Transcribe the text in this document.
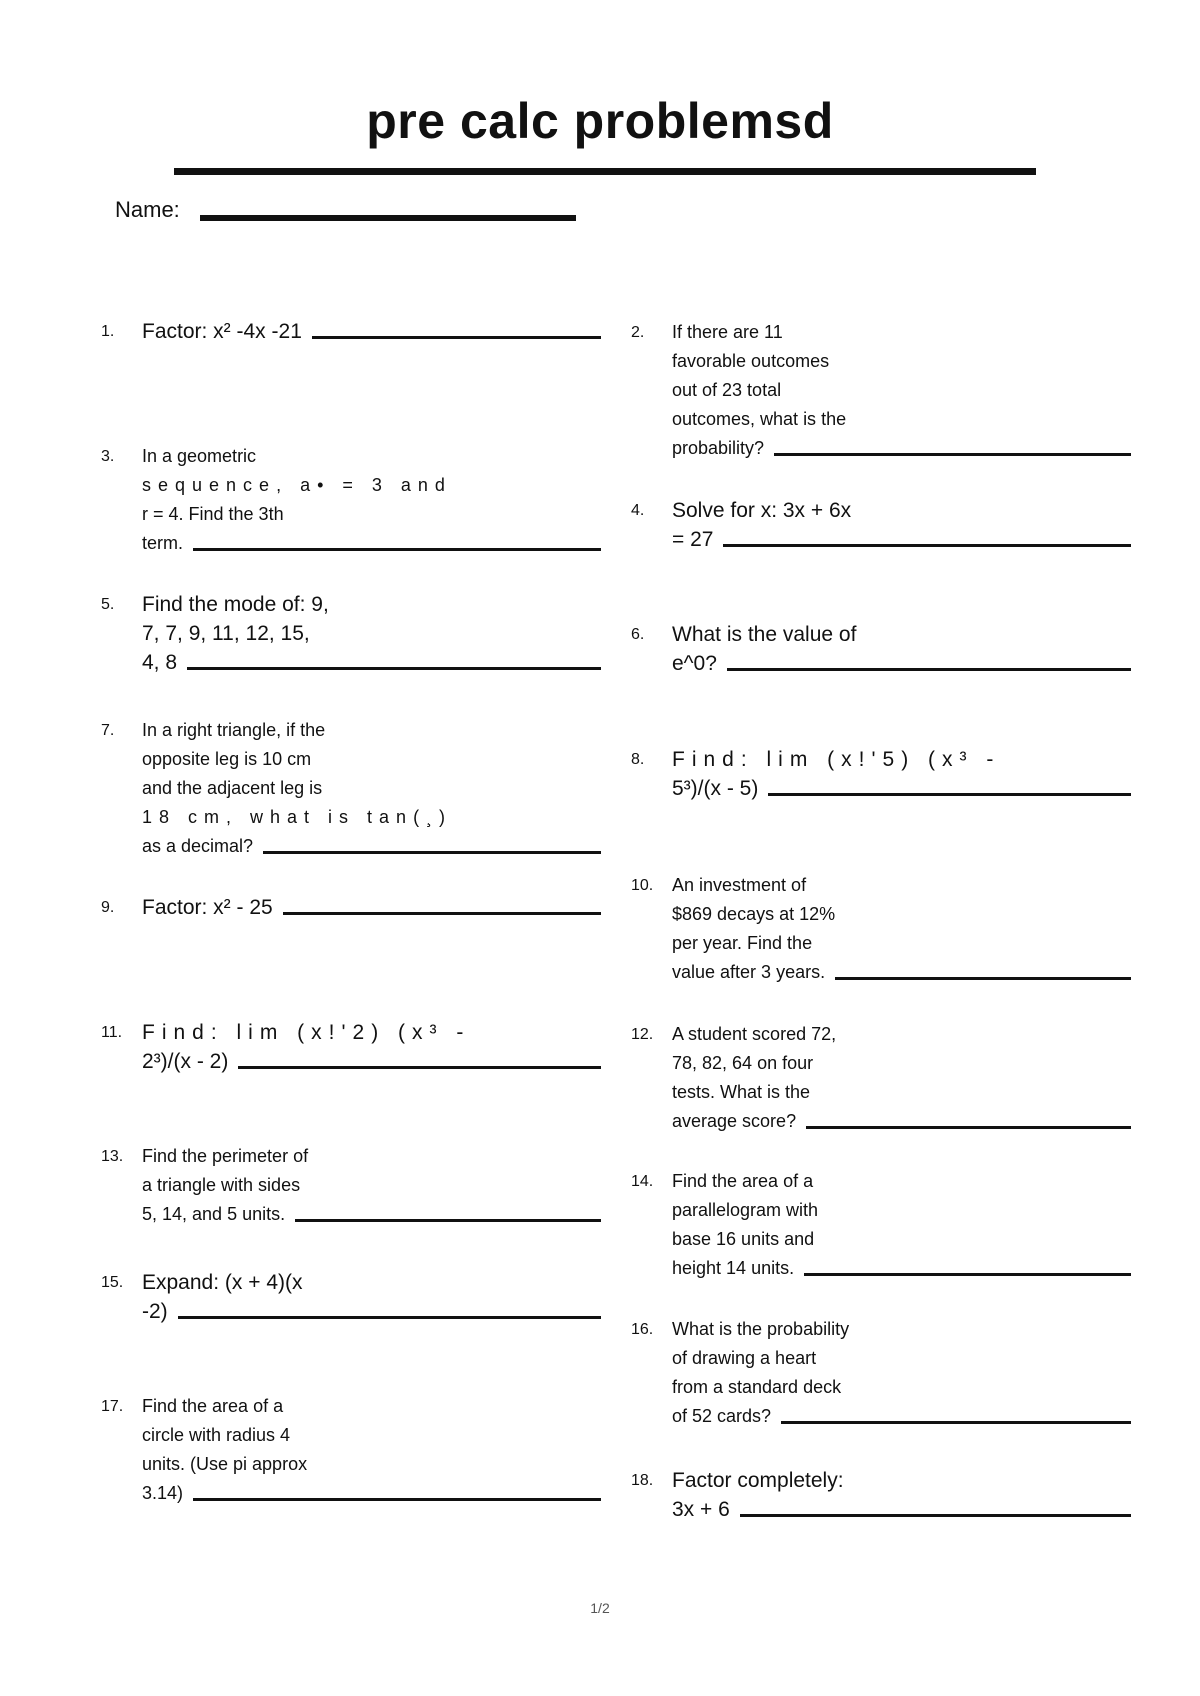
pre calc problemsd
Name:
1. Factor: x² -4x -21
3. In a geometric
sequence, a• = 3 and
r = 4. Find the 3th
term.
5. Find the mode of: 9,
7, 7, 9, 11, 12, 15,
4, 8
7. In a right triangle, if the
opposite leg is 10 cm
and the adjacent leg is
18 cm, what is tan(¸)
as a decimal?
9. Factor: x² - 25
11. Find: lim (x!'2) (x³ -
2³)/(x - 2)
13. Find the perimeter of
a triangle with sides
5, 14, and 5 units.
15. Expand: (x + 4)(x
-2)
17. Find the area of a
circle with radius 4
units. (Use pi approx
3.14)
2. If there are 11
favorable outcomes
out of 23 total
outcomes, what is the
probability?
4. Solve for x: 3x + 6x
= 27
6. What is the value of
e^0?
8. Find: lim (x!'5) (x³ -
5³)/(x - 5)
10. An investment of
$869 decays at 12%
per year. Find the
value after 3 years.
12. A student scored 72,
78, 82, 64 on four
tests. What is the
average score?
14. Find the area of a
parallelogram with
base 16 units and
height 14 units.
16. What is the probability
of drawing a heart
from a standard deck
of 52 cards?
18. Factor completely:
3x + 6
1/2
